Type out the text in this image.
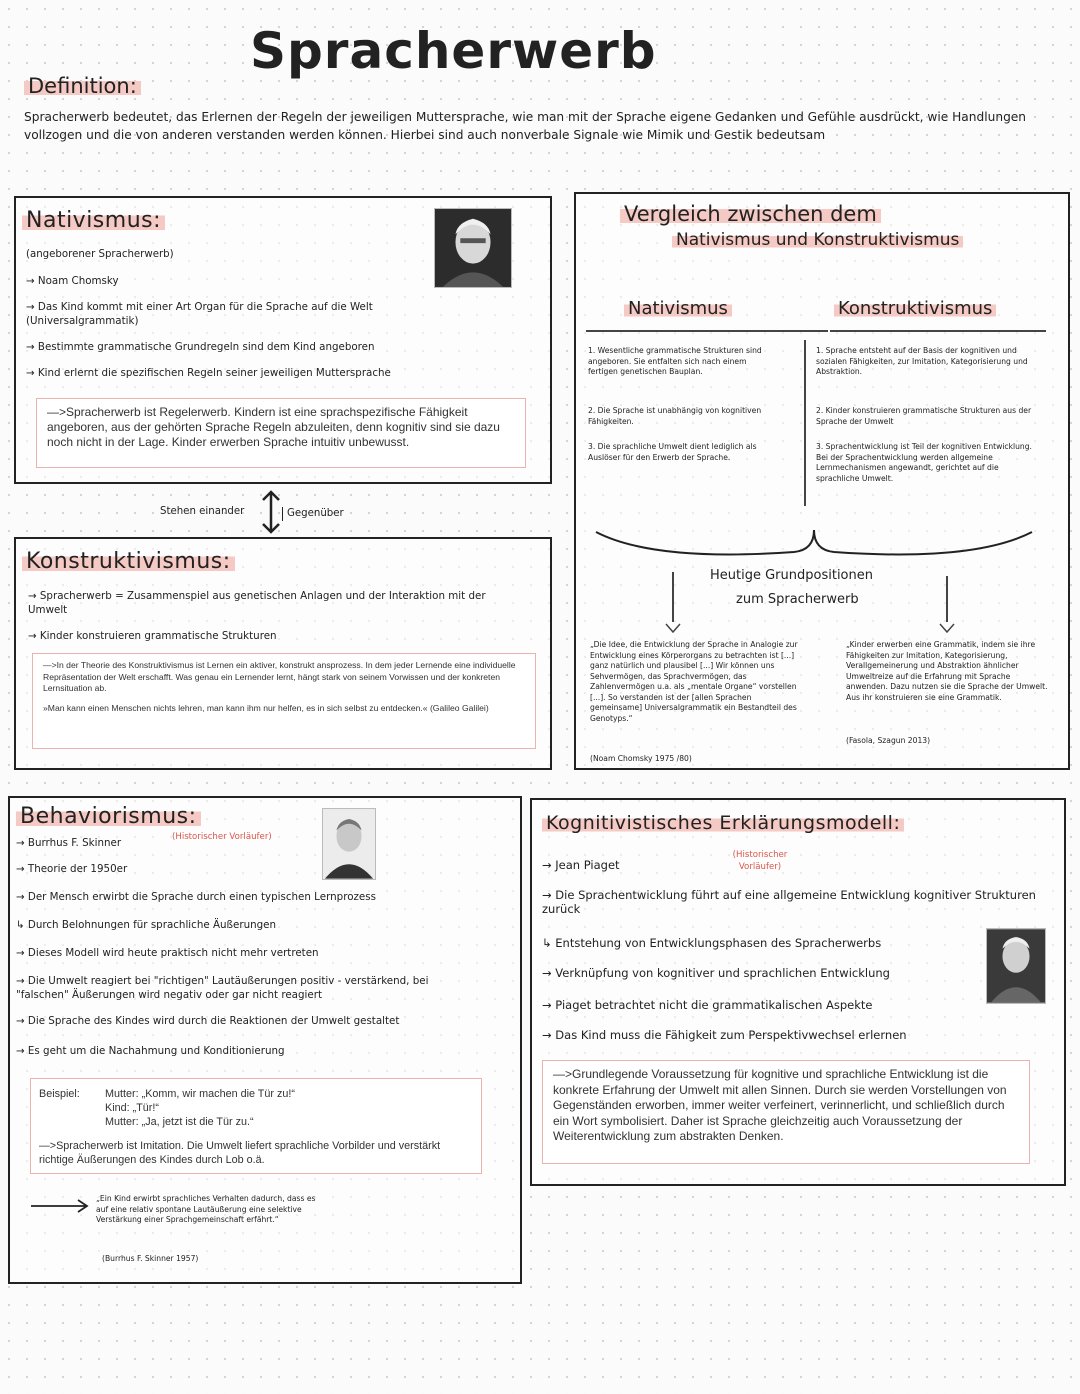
Spracherwerb
Definition:
Spracherwerb bedeutet, das Erlernen der Regeln der jeweiligen Muttersprache, wie man mit der Sprache eigene Gedanken und Gefühle ausdrückt, wie Handlungen vollzogen und die von anderen verstanden werden können. Hierbei sind auch nonverbale Signale wie Mimik und Gestik bedeutsam
Nativismus:
(angeborener Spracherwerb)
→ Noam Chomsky
→ Das Kind kommt mit einer Art Organ für die Sprache auf die Welt (Universalgrammatik)
→ Bestimmte grammatische Grundregeln sind dem Kind angeboren
→ Kind erlernt die spezifischen Regeln seiner jeweiligen Muttersprache
—>Spracherwerb ist Regelerwerb. Kindern ist eine sprachspezifische Fähigkeit angeboren, aus der gehörten Sprache Regeln abzuleiten, denn kognitiv sind sie dazu noch nicht in der Lage. Kinder erwerben Sprache intuitiv unbewusst.
Stehen einander	Gegenüber
Konstruktivismus:
→ Spracherwerb = Zusammenspiel aus genetischen Anlagen und der Interaktion mit der Umwelt
→ Kinder konstruieren grammatische Strukturen
—>In der Theorie des Konstruktivismus ist Lernen ein aktiver, konstrukt ansprozess. In dem jeder Lernende eine individuelle Repräsentation der Welt erschafft. Was genau ein Lernender lernt, hängt stark von seinem Vorwissen und der konkreten Lernsituation ab.
»Man kann einen Menschen nichts lehren, man kann ihm nur helfen, es in sich selbst zu entdecken.« (Galileo Galilei)
Vergleich zwischen dem
Nativismus und Konstruktivismus
Nativismus	Konstruktivismus
1. Wesentliche grammatische Strukturen sind angeboren. Sie entfalten sich nach einem fertigen genetischen Bauplan.
2. Die Sprache ist unabhängig von kognitiven Fähigkeiten.
3. Die sprachliche Umwelt dient lediglich als Auslöser für den Erwerb der Sprache.
1. Sprache entsteht auf der Basis der kognitiven und sozialen Fähigkeiten, zur Imitation, Kategorisierung und Abstraktion.
2. Kinder konstruieren grammatische Strukturen aus der Sprache der Umwelt
3. Sprachentwicklung ist Teil der kognitiven Entwicklung. Bei der Sprachentwicklung werden allgemeine Lernmechanismen angewandt, gerichtet auf die sprachliche Umwelt.
Heutige Grundpositionen
zum Spracherwerb
„Die Idee, die Entwicklung der Sprache in Analogie zur Entwicklung eines Körperorgans zu betrachten ist [...] ganz natürlich und plausibel [...] Wir können uns Sehvermögen, das Sprachvermögen, das Zahlenvermögen u.a. als „mentale Organe“ vorstellen [...]. So verstanden ist der [allen Sprachen gemeinsame] Universalgrammatik ein Bestandteil des Genotyps.“
(Noam Chomsky 1975 /80)
„Kinder erwerben eine Grammatik, indem sie ihre Fähigkeiten zur Imitation, Kategorisierung, Verallgemeinerung und Abstraktion ähnlicher Umweltreize auf die Erfahrung mit Sprache anwenden. Dazu nutzen sie die Sprache der Umwelt. Aus ihr konstruieren sie eine Grammatik.
(Fasola, Szagun 2013)
Behaviorismus:
(Historischer Vorläufer)
→ Burrhus F. Skinner
→ Theorie der 1950er
→ Der Mensch erwirbt die Sprache durch einen typischen Lernprozess
↳ Durch Belohnungen für sprachliche Äußerungen
→ Dieses Modell wird heute praktisch nicht mehr vertreten
→ Die Umwelt reagiert bei "richtigen" Lautäußerungen positiv - verstärkend, bei "falschen" Äußerungen wird negativ oder gar nicht reagiert
→ Die Sprache des Kindes wird durch die Reaktionen der Umwelt gestaltet
→ Es geht um die Nachahmung und Konditionierung
Beispiel: Mutter: „Komm, wir machen die Tür zu!“
Kind: „Tür!“
Mutter: „Ja, jetzt ist die Tür zu.“
—>Spracherwerb ist Imitation. Die Umwelt liefert sprachliche Vorbilder und verstärkt richtige Äußerungen des Kindes durch Lob o.ä.
„Ein Kind erwirbt sprachliches Verhalten dadurch, dass es auf eine relativ spontane Lautäußerung eine selektive Verstärkung einer Sprachgemeinschaft erfährt.“
(Burrhus F. Skinner 1957)
Kognitivistisches Erklärungsmodell:
(Historischer Vorläufer)
→ Jean Piaget
→ Die Sprachentwicklung führt auf eine allgemeine Entwicklung kognitiver Strukturen zurück
↳ Entstehung von Entwicklungsphasen des Spracherwerbs
→ Verknüpfung von kognitiver und sprachlichen Entwicklung
→ Piaget betrachtet nicht die grammatikalischen Aspekte
→ Das Kind muss die Fähigkeit zum Perspektivwechsel erlernen
—>Grundlegende Voraussetzung für kognitive und sprachliche Entwicklung ist die konkrete Erfahrung der Umwelt mit allen Sinnen. Durch sie werden Vorstellungen von Gegenständen erworben, immer weiter verfeinert, verinnerlicht, und schließlich durch ein Wort symbolisiert. Daher ist Sprache gleichzeitig auch Voraussetzung der Weiterentwicklung zum abstrakten Denken.
